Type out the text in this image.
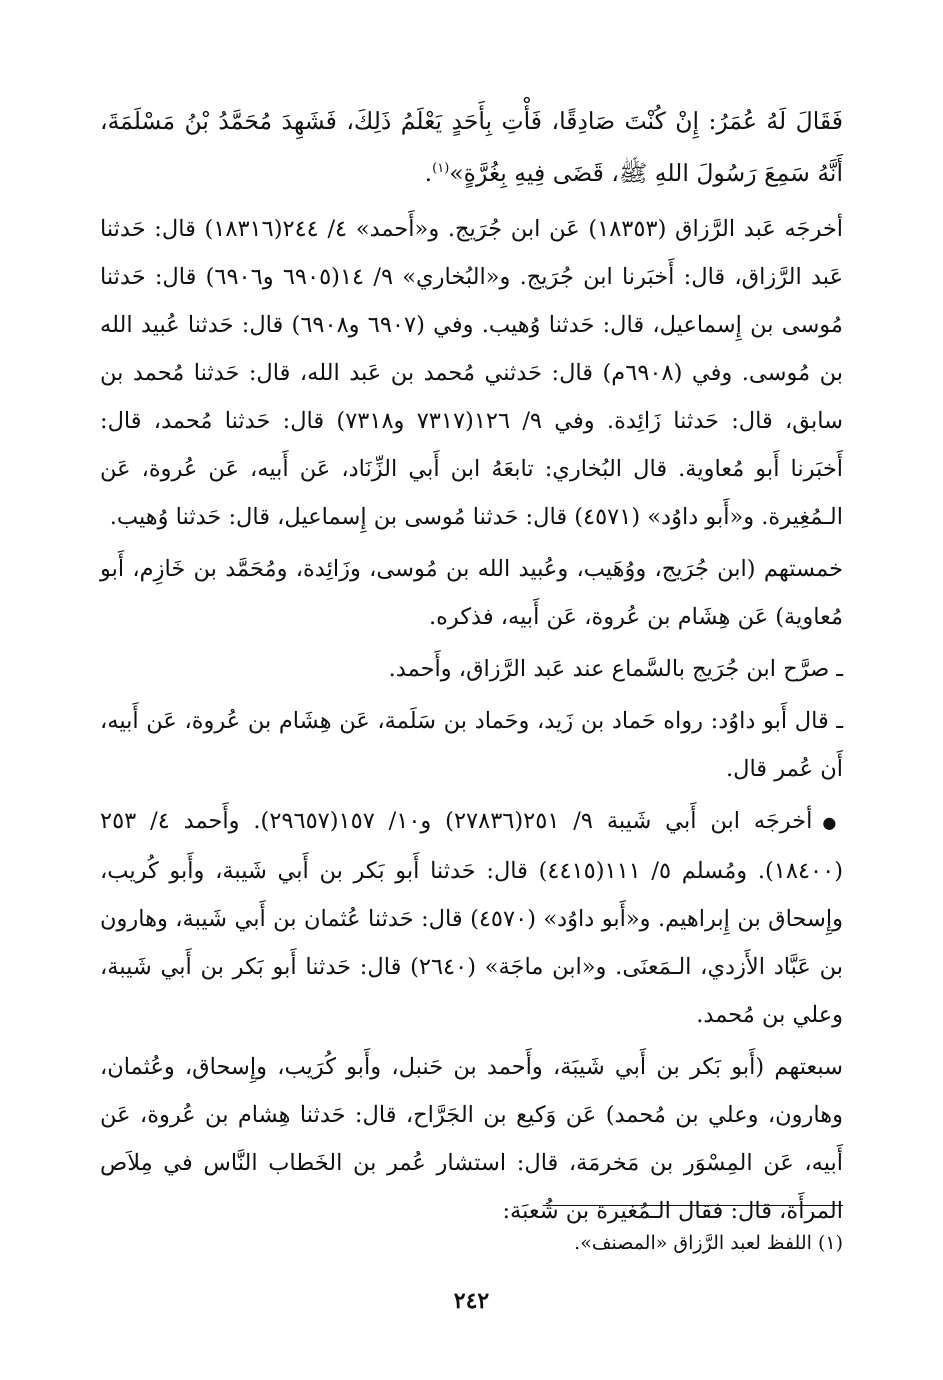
فَقَالَ لَهُ عُمَرُ: إِنْ كُنْتَ صَادِقًا، فَأْتِ بِأَحَدٍ يَعْلَمُ ذَلِكَ، فَشَهِدَ مُحَمَّدُ بْنُ مَسْلَمَةَ، أَنَّهُ سَمِعَ رَسُولَ اللهِ ﷺ، قَضَى فِيهِ بِغُرَّةٍ»$^{(١)}$.

أخرجَه عَبد الرَّزاق (١٨٣٥٣) عَن ابن جُرَيج. و«أَحمد» ٤/ ٢٤٤(١٨٣١٦) قال: حَدثنا عَبد الرَّزاق، قال: أَخبَرنا ابن جُرَيج. و«البُخاري» ٩/ ١٤(٦٩٠٥ و٦٩٠٦) قال: حَدثنا مُوسى بن إِسماعيل، قال: حَدثنا وُهيب. وفي (٦٩٠٧ و٦٩٠٨) قال: حَدثنا عُبيد الله بن مُوسى. وفي (٦٩٠٨م) قال: حَدثني مُحمد بن عَبد الله، قال: حَدثنا مُحمد بن سابق، قال: حَدثنا زَائِدة. وفي ٩/ ١٢٦(٧٣١٧ و٧٣١٨) قال: حَدثنا مُحمد، قال: أَخبَرنا أَبو مُعاوية. قال البُخاري: تابعَهُ ابن أَبي الزِّنَاد، عَن أَبيه، عَن عُروة، عَن الـمُغِيرة. و«أَبو داوُد» (٤٥٧١) قال: حَدثنا مُوسى بن إِسماعيل، قال: حَدثنا وُهيب.

خمستهم (ابن جُرَيج، ووُهَيب، وعُبيد الله بن مُوسى، وزَائِدة، ومُحَمَّد بن خَازِم، أَبو مُعاوية) عَن هِشَام بن عُروة، عَن أَبيه، فذكره.

ـ صرَّح ابن جُرَيج بالسَّماع عند عَبد الرَّزاق، وأَحمد.

ـ قال أَبو داوُد: رواه حَماد بن زَيد، وحَماد بن سَلَمة، عَن هِشَام بن عُروة، عَن أَبيه، أَن عُمر قال.

●أخرجَه ابن أَبي شَيبة ٩/ ٢٥١(٢٧٨٣٦) و١٠/ ١٥٧(٢٩٦٥٧). وأَحمد ٤/ ٢٥٣ (١٨٤٠٠). ومُسلم ٥/ ١١١(٤٤١٥) قال: حَدثنا أَبو بَكر بن أَبي شَيبة، وأَبو كُريب، وإِسحاق بن إِبراهيم. و«أَبو داوُد» (٤٥٧٠) قال: حَدثنا عُثمان بن أَبي شَيبة، وهارون بن عَبَّاد الأَزدي، الـمَعنَى. و«ابن ماجَة» (٢٦٤٠) قال: حَدثنا أَبو بَكر بن أَبي شَيبة، وعلي بن مُحمد.

سبعتهم (أَبو بَكر بن أَبي شَيبَة، وأَحمد بن حَنبل، وأَبو كُرَيب، وإِسحاق، وعُثمان، وهارون، وعلي بن مُحمد) عَن وَكيع بن الجَرَّاح، قال: حَدثنا هِشام بن عُروة، عَن أَبيه، عَن المِسْوَر بن مَخرمَة، قال: استشار عُمر بن الخَطاب النَّاس في مِلاَص المرأَة، قال: فقال الـمُغيرة بن شُعبَة:

(١) اللفظ لعبد الرَّزاق «المصنف».
٢٤٢
